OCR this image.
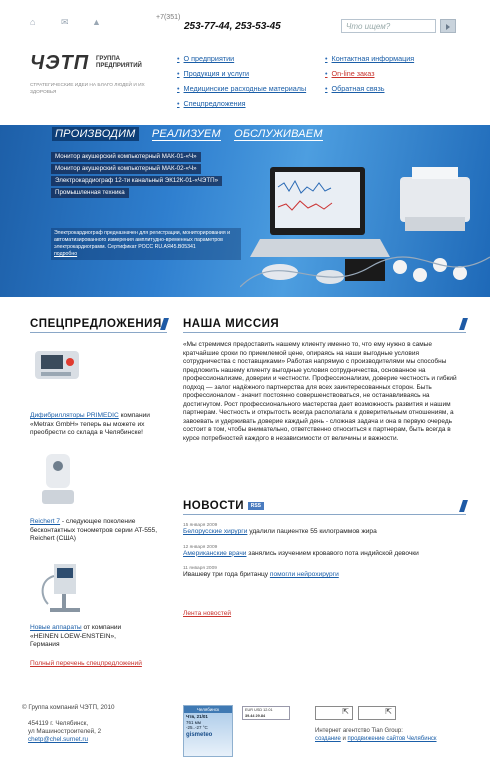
⌂	✉	▲	+7(351)
253-77-44, 253-53-45	Что ищем?
ЧЭТП ГРУППА ПРЕДПРИЯТИЙ
СТРАТЕГИЧЕСКИЕ ИДЕИ НА БЛАГО ЛЮДЕЙ И ИХ ЗДОРОВЬЯ
• О предприятии
• Продукция и услуги
• Медицинские расходные материалы
• Спецпредложения
• Контактная информация
• On-line заказ
• Обратная связь
ПРОИЗВОДИМ РЕАЛИЗУЕМ ОБСЛУЖИВАЕМ
Монитор акушерский компьютерный МАК-01-«Ч»
Монитор акушерский компьютерный МАК-02-«Ч»
Электрокардиограф 12-ти канальный ЭК12К-01-«ЧЭТП»
Промышленная техника
Электрокардиограф предназначен для регистрации, мониторирования и автоматизированного измерения амплитудно-временных параметров электрокардиограмм. Сертификат РОСС RU.АЯ45.В05341
подробно
СПЕЦПРЕДЛОЖЕНИЯ
Дифибрилляторы PRIMEDIC компании «Metrax GmbH» теперь вы можете их преобрести со склада в Челябинске!
Reichert 7 - следующее поколение бесконтактных тонометров серии AT-555, Reichert (США)
Новые аппараты от компании «HEINEN LOEW-ENSTEIN», Германия
Полный перечень спецпредложений
НАША МИССИЯ
«Мы стремимся предоставить нашему клиенту именно то, что ему нужно в самые кратчайшие сроки по приемлемой цене, опираясь на наши выгодные условия сотрудничества с поставщиками» Работая напрямую с производителями мы способны предложить нашему клиенту выгодные условия сотрудничества, основанное на профессионализме, доверии и честности. Профессионализм, доверие честность и гибкий подход — залог надёжного партнерства для всех заинтересованных сторон. Быть профессионалом - значит постоянно совершенствоваться, не останавливаясь на достигнутом. Рост профессионального мастерства дает возможность развития и нашим партнерам. Честность и открытость всегда располагала к доверительным отношениям, а завоевать и удерживать доверие каждый день - сложная задача и она в первую очередь состоит в том, чтобы внимательно, ответственно относиться к партнерам, быть всегда в курсе потребностей каждого в независимости от величины и важности.
НОВОСТИ RSS
15 января 2009
Белорусские хирурги удалили пациентке 55 килограммов жира
12 января 2009
Американские врачи занялись изучением кровавого пота индийской девочки
11 января 2009
Ивашеву три года британцу помогли нейрохирурги
Лента новостей
© Группа компаний ЧЭТП, 2010
454119 г. Челябинск,
ул Машиностроителей, 2
chetp@chel.surnet.ru
Челябинск
Чтв, 21/01
761 мм
-25..-27 °C
gismeteo
EUR USD 12.01
39.44 29.84	⇱	⇱
Интернет агентство Tian Group:
создание и продвижение сайтов Челябинск
